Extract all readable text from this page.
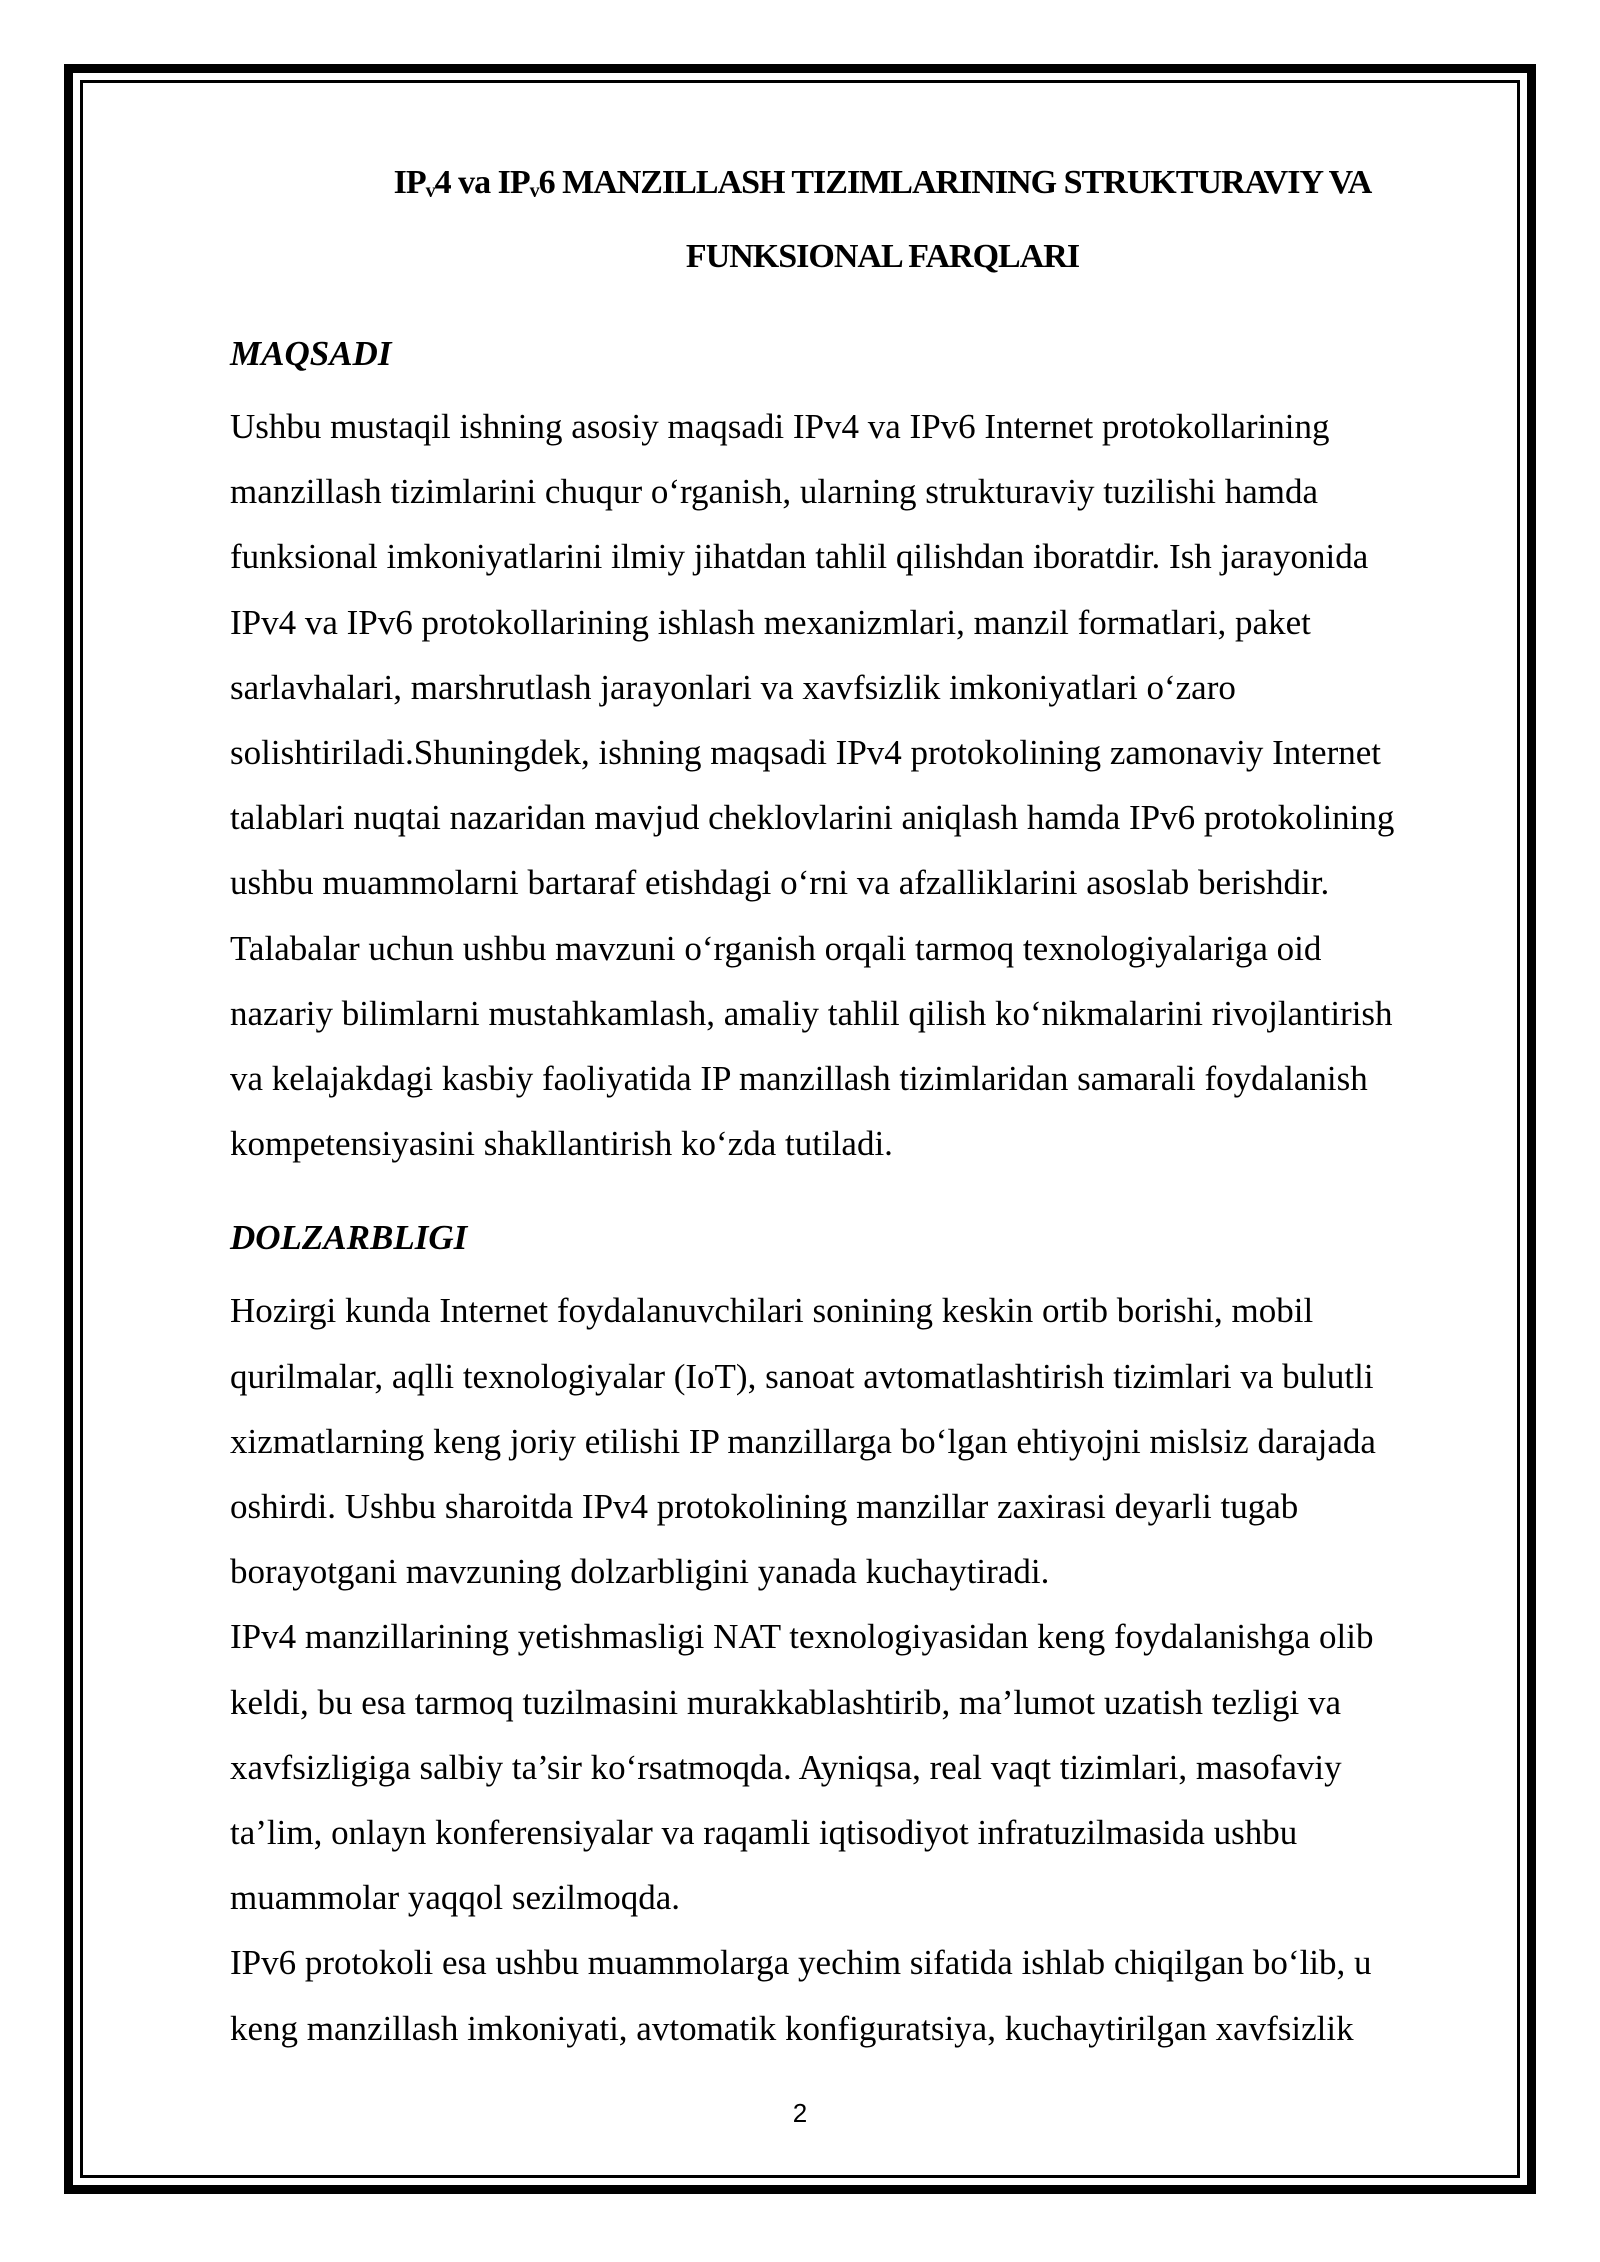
$IP_v4$ va $IP_v6$ MANZILLASH TIZIMLARINING STRUKTURAVIY VA
FUNKSIONAL FARQLARI
MAQSADI
Ushbu mustaqil ishning asosiy maqsadi IPv4 va IPv6 Internet protokollarining
manzillash tizimlarini chuqur o‘rganish, ularning strukturaviy tuzilishi hamda
funksional imkoniyatlarini ilmiy jihatdan tahlil qilishdan iboratdir. Ish jarayonida
IPv4 va IPv6 protokollarining ishlash mexanizmlari, manzil formatlari, paket
sarlavhalari, marshrutlash jarayonlari va xavfsizlik imkoniyatlari o‘zaro
solishtiriladi.Shuningdek, ishning maqsadi IPv4 protokolining zamonaviy Internet
talablari nuqtai nazaridan mavjud cheklovlarini aniqlash hamda IPv6 protokolining
ushbu muammolarni bartaraf etishdagi o‘rni va afzalliklarini asoslab berishdir.
Talabalar uchun ushbu mavzuni o‘rganish orqali tarmoq texnologiyalariga oid
nazariy bilimlarni mustahkamlash, amaliy tahlil qilish ko‘nikmalarini rivojlantirish
va kelajakdagi kasbiy faoliyatida IP manzillash tizimlaridan samarali foydalanish
kompetensiyasini shakllantirish ko‘zda tutiladi.
DOLZARBLIGI
Hozirgi kunda Internet foydalanuvchilari sonining keskin ortib borishi, mobil
qurilmalar, aqlli texnologiyalar (IoT), sanoat avtomatlashtirish tizimlari va bulutli
xizmatlarning keng joriy etilishi IP manzillarga bo‘lgan ehtiyojni mislsiz darajada
oshirdi. Ushbu sharoitda IPv4 protokolining manzillar zaxirasi deyarli tugab
borayotgani mavzuning dolzarbligini yanada kuchaytiradi.
IPv4 manzillarining yetishmasligi NAT texnologiyasidan keng foydalanishga olib
keldi, bu esa tarmoq tuzilmasini murakkablashtirib, ma’lumot uzatish tezligi va
xavfsizligiga salbiy ta’sir ko‘rsatmoqda. Ayniqsa, real vaqt tizimlari, masofaviy
ta’lim, onlayn konferensiyalar va raqamli iqtisodiyot infratuzilmasida ushbu
muammolar yaqqol sezilmoqda.
IPv6 protokoli esa ushbu muammolarga yechim sifatida ishlab chiqilgan bo‘lib, u
keng manzillash imkoniyati, avtomatik konfiguratsiya, kuchaytirilgan xavfsizlik
2
